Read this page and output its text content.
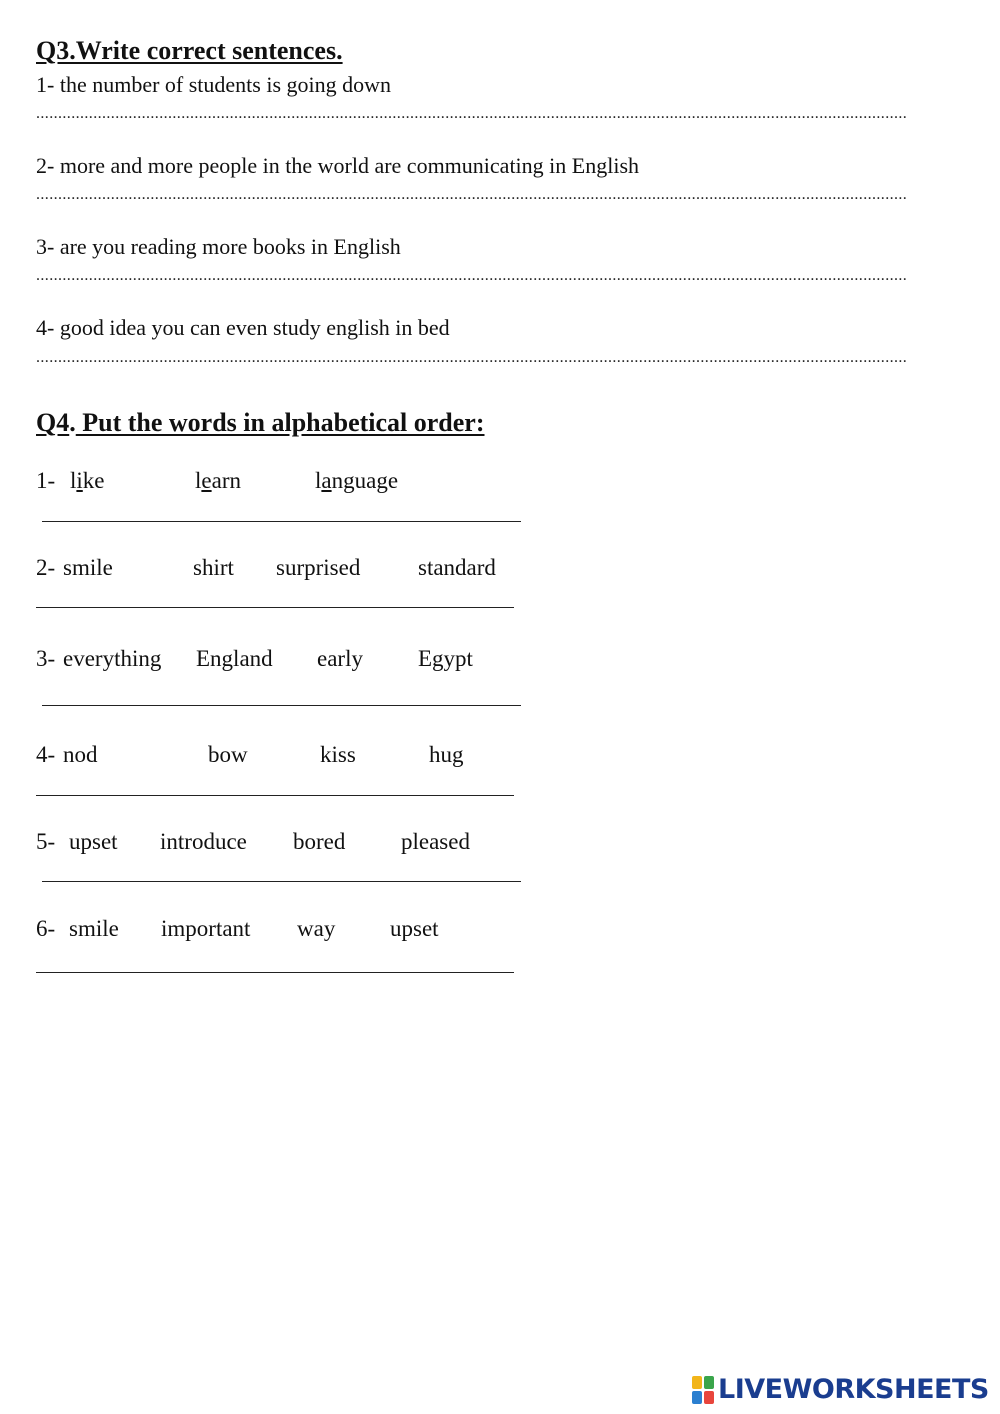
Q3.Write correct sentences.
1- the number of students is going down
......................................................................................................................................................................................................
2- more and more people in the world are communicating in English
......................................................................................................................................................................................................
3- are you reading more books in English
......................................................................................................................................................................................................
4- good idea you can even study english in bed
......................................................................................................................................................................................................
Q4. Put the words in alphabetical order:
1- like	learn	language
2- smile	shirt surprised	standard
3- everything England early Egypt
4- nod	bow	kiss	hug
5- upset introduce bored pleased
6- smile important way upset
LIVEWORKSHEETS
